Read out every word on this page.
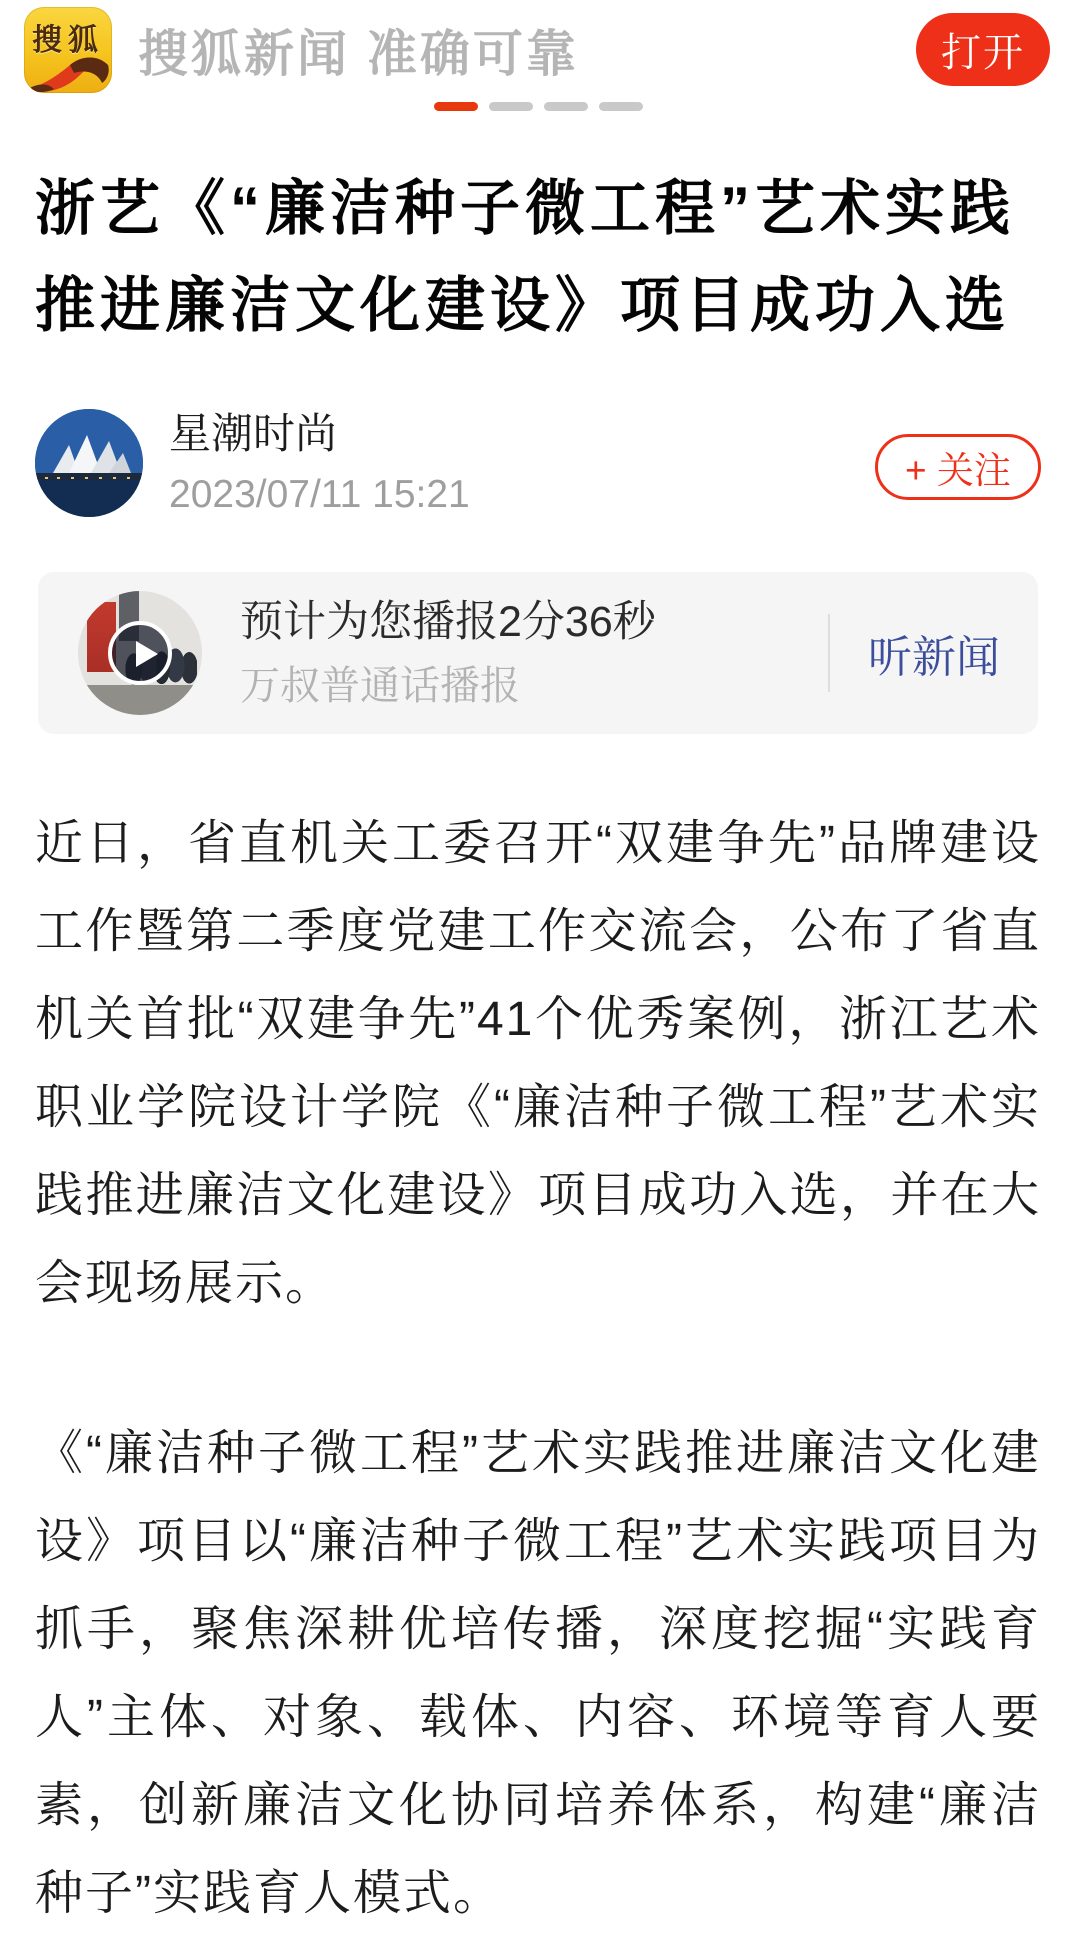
搜狐 搜狐新闻 准确可靠	打开
浙艺《“廉洁种子微工程”艺术实践推进廉洁文化建设》项目成功入选
星潮时尚
2023/07/11 15:21
+ 关注
预计为您播报2分36秒
万叔普通话播报
听新闻

近日，省直机关工委召开“双建争先”品牌建设工作暨第二季度党建工作交流会，公布了省直机关首批“双建争先”41个优秀案例，浙江艺术职业学院设计学院《“廉洁种子微工程”艺术实践推进廉洁文化建设》项目成功入选，并在大会现场展示。

《“廉洁种子微工程”艺术实践推进廉洁文化建设》项目以“廉洁种子微工程”艺术实践项目为抓手，聚焦深耕优培传播，深度挖掘“实践育人”主体、对象、载体、内容、环境等育人要素，创新廉洁文化协同培养体系，构建“廉洁种子”实践育人模式。
